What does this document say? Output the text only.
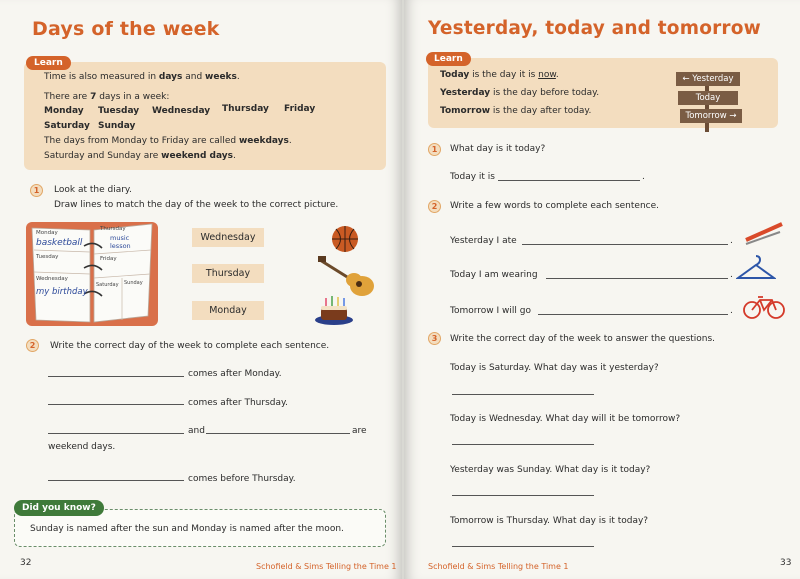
Days of the week
Learn
Time is also measured in days and weeks.
There are 7 days in a week:
Monday Tuesday Wednesday Thursday Friday
Saturday Sunday
The days from Monday to Friday are called weekdays.
Saturday and Sunday are weekend days.
1	Look at the diary.
Draw lines to match the day of the week to the correct picture.
Monday
basketball
Tuesday
Wednesday
my birthday
Thursday
music
lesson
Friday
Saturday Sunday
Wednesday
Thursday
Monday
2	Write the correct day of the week to complete each sentence.
comes after Monday.
comes after Thursday.
and	are
weekend days.
comes before Thursday.
Did you know?
Sunday is named after the sun and Monday is named after the moon.
32	Schofield & Sims Telling the Time 1
Yesterday, today and tomorrow
Learn
Today is the day it is now.
Yesterday is the day before today.
Tomorrow is the day after today.
← Yesterday
Today
Tomorrow →
1	What day is it today?
Today it is	.
2	Write a few words to complete each sentence.
Yesterday I ate	.
Today I am wearing	.
Tomorrow I will go	.
3	Write the correct day of the week to answer the questions.
Today is Saturday. What day was it yesterday?
Today is Wednesday. What day will it be tomorrow?
Yesterday was Sunday. What day is it today?
Tomorrow is Thursday. What day is it today?
Schofield & Sims Telling the Time 1	33
